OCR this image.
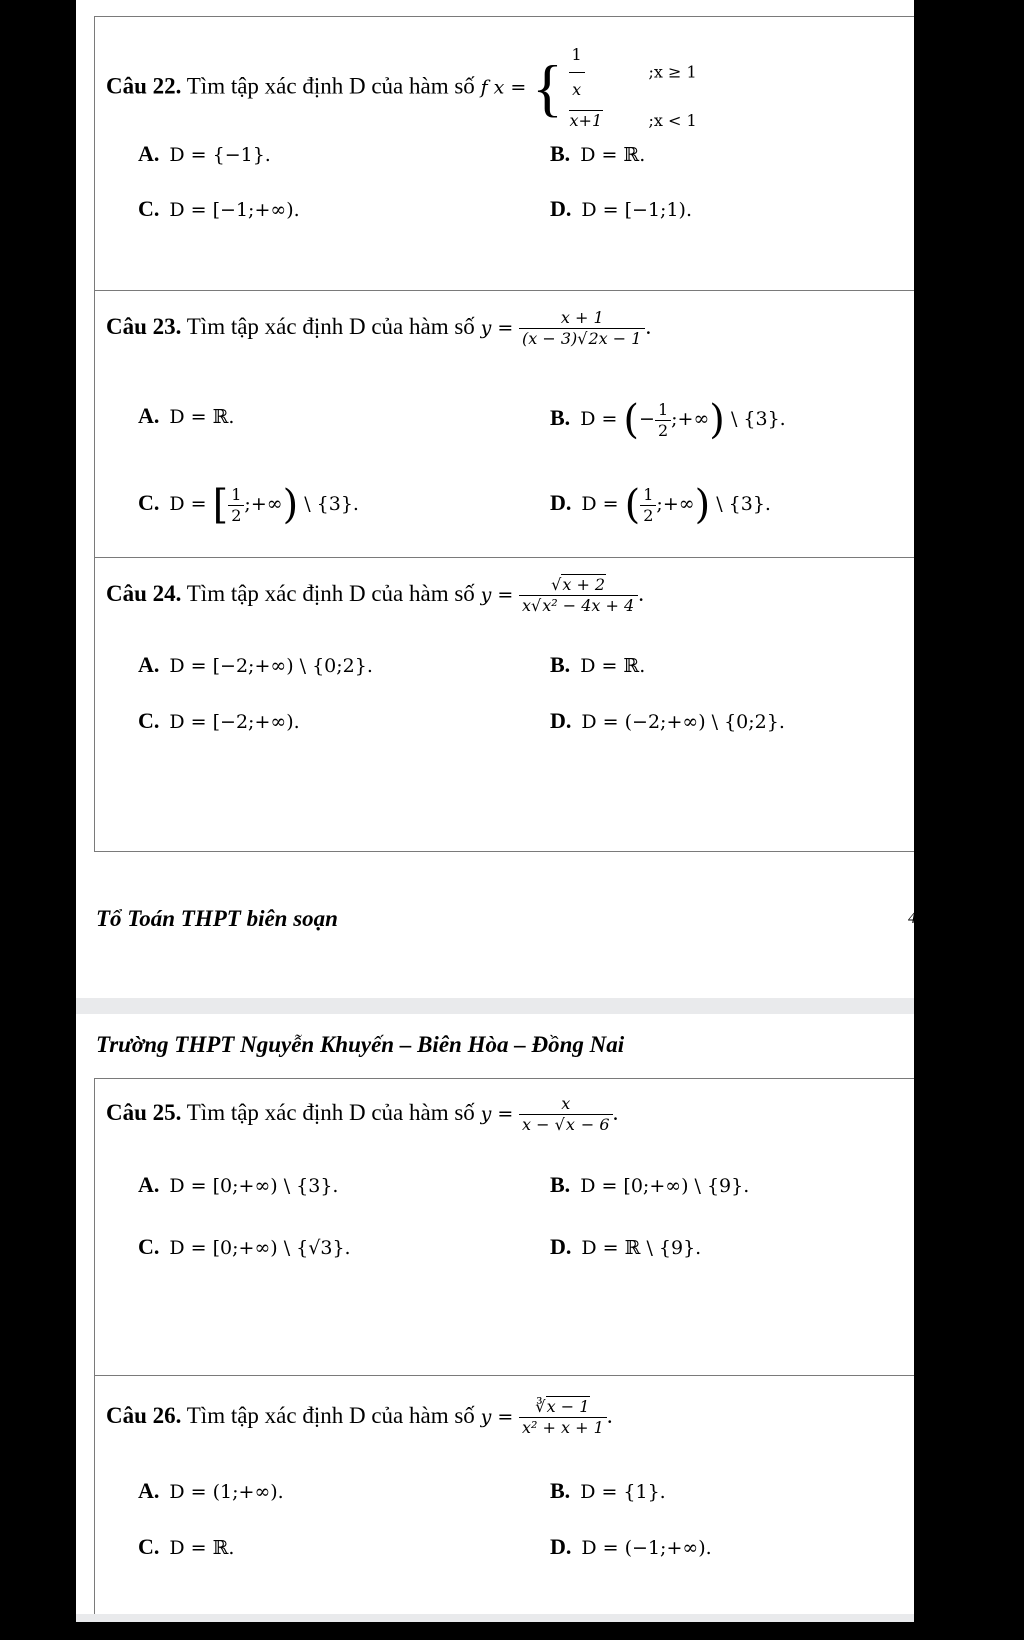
Câu 22. Tìm tập xác định D của hàm số f x = { $\frac{1}{x}$	;x ≥ 1
x+1	;x < 1
A. D = {−1}.	B. D = ℝ.
C. D = [−1;+∞).	D. D = [−1;1).
Câu 23. Tìm tập xác định D của hàm số $y = \frac{x + 1}{(x - 3)√2x - 1}$ .
A. D = ℝ.	B. D = (− $\frac{1}{2}$ ;+∞) \ {3}.
C. D = [ $\frac{1}{2}$ ;+∞) \ {3}.	D. D = ( $\frac{1}{2}$ ;+∞) \ {3}.
Câu 24. Tìm tập xác định D của hàm số $y = \frac{√x + 2}{\text{x√x² − 4x + 4}}$ .
A. D = [−2;+∞) \ {0;2}.	B. D = ℝ.
C. D = [−2;+∞).	D. D = (−2;+∞) \ {0;2}.
Tổ Toán THPT biên soạn	4
Trường THPT Nguyễn Khuyến – Biên Hòa – Đồng Nai
Câu 25. Tìm tập xác định D của hàm số $y = \frac{x}{x - √x - 6}$ .
A. D = [0;+∞) \ {3}.	B. D = [0;+∞) \ {9}.
C. D = [0;+∞) \ {√3}.	D. D = ℝ \ {9}.
Câu 26. Tìm tập xác định D của hàm số $y = \frac{∛x - 1}{\text{x² + x + 1}}$ .
A. D = (1;+∞).	B. D = {1}.
C. D = ℝ.	D. D = (−1;+∞).
